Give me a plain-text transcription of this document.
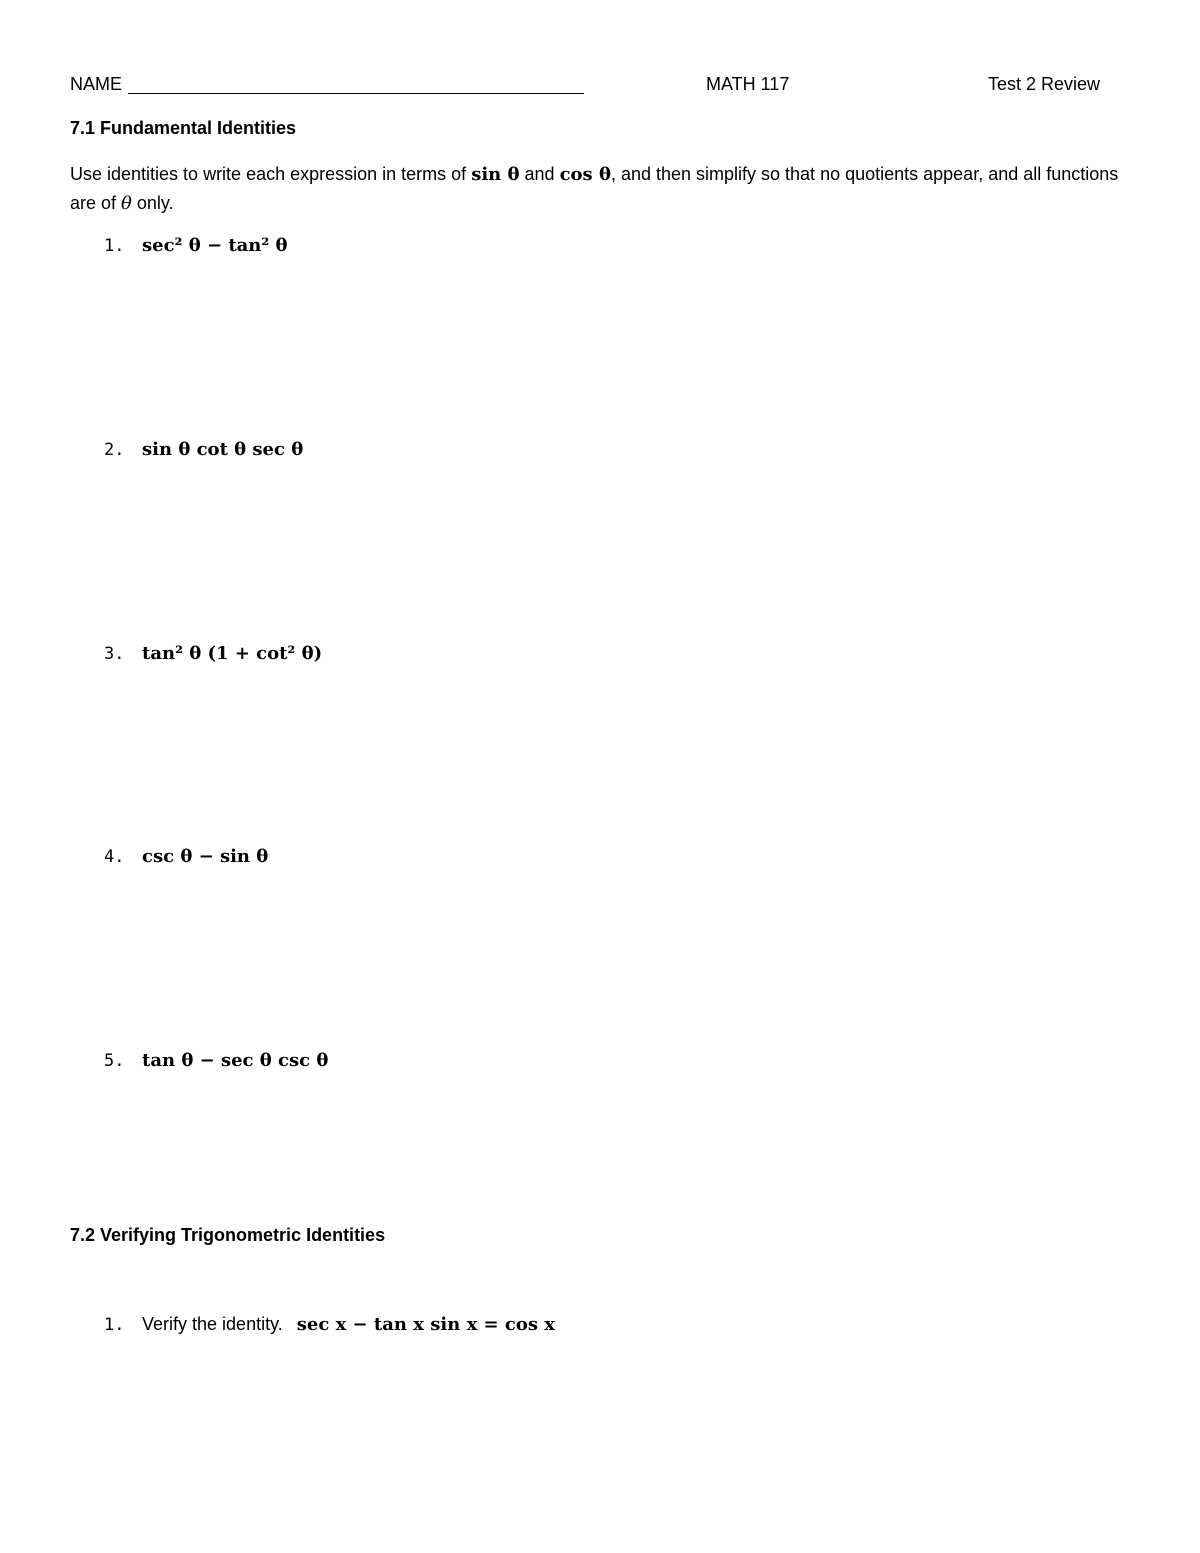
NAME	MATH 117	Test 2 Review
7.1 Fundamental Identities
Use identities to write each expression in terms of sin θ and cos θ, and then simplify so that no quotients appear, and all functions are of θ only.
1. sec² θ − tan² θ
2. sin θ cot θ sec θ
3. tan² θ (1 + cot² θ)
4. csc θ − sin θ
5. tan θ − sec θ csc θ
7.2 Verifying Trigonometric Identities
1. Verify the identity. sec x − tan x sin x = cos x
